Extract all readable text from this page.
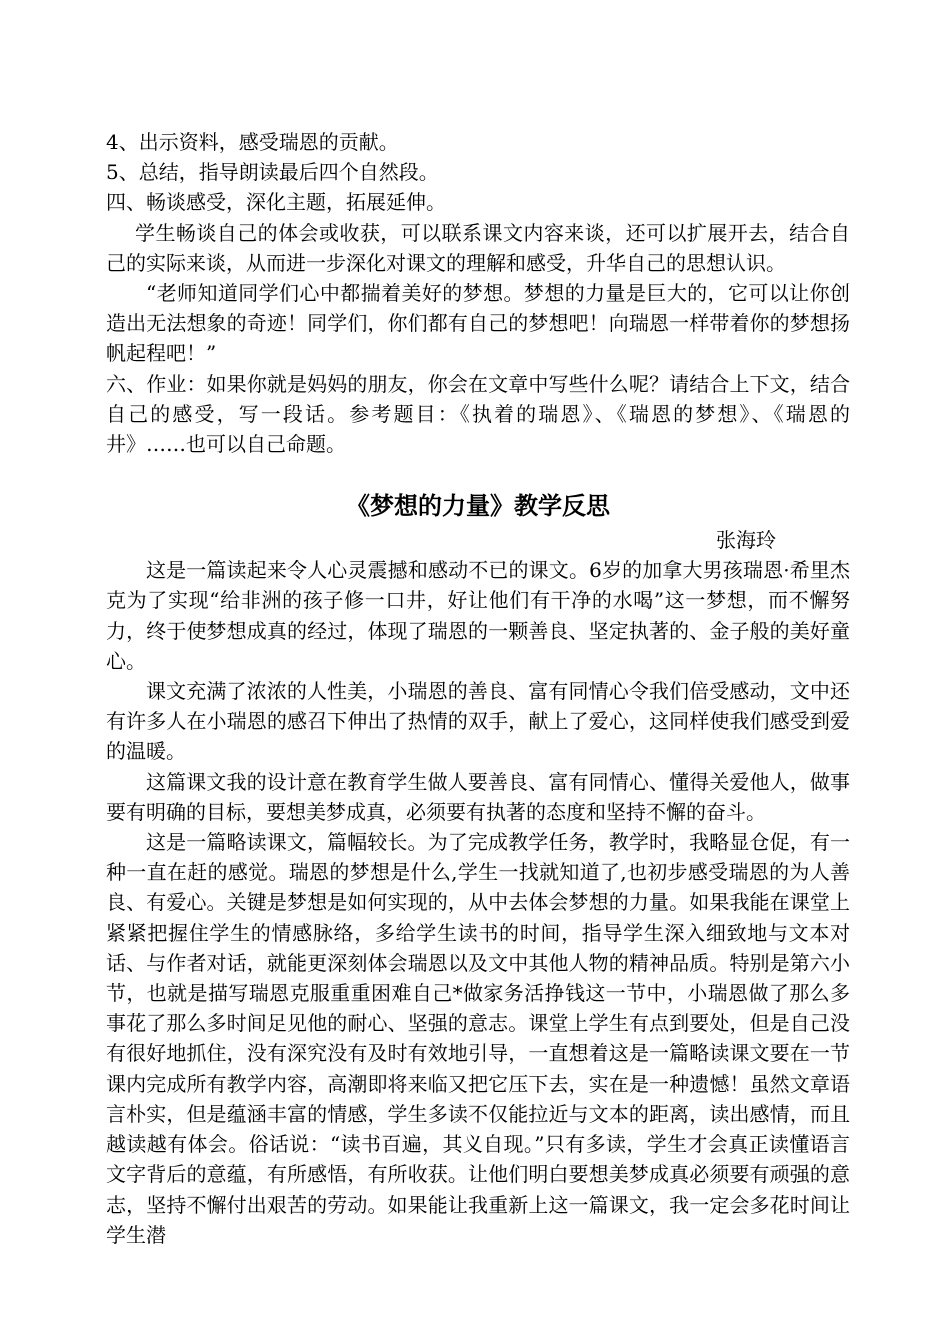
4、出示资料，感受瑞恩的贡献。

5、总结，指导朗读最后四个自然段。

四、畅谈感受，深化主题，拓展延伸。

学生畅谈自己的体会或收获，可以联系课文内容来谈，还可以扩展开去，结合自己的实际来谈，从而进一步深化对课文的理解和感受，升华自己的思想认识。

“老师知道同学们心中都揣着美好的梦想。梦想的力量是巨大的，它可以让你创造出无法想象的奇迹！同学们，你们都有自己的梦想吧！向瑞恩一样带着你的梦想扬帆起程吧！”

六、作业：如果你就是妈妈的朋友，你会在文章中写些什么呢？请结合上下文，结合自己的感受，写一段话。参考题目：《执着的瑞恩》、《瑞恩的梦想》、《瑞恩的井》……也可以自己命题。

《梦想的力量》教学反思

张海玲

这是一篇读起来令人心灵震撼和感动不已的课文。6岁的加拿大男孩瑞恩·希里杰克为了实现“给非洲的孩子修一口井，好让他们有干净的水喝”这一梦想，而不懈努力，终于使梦想成真的经过，体现了瑞恩的一颗善良、坚定执著的、金子般的美好童心。

课文充满了浓浓的人性美，小瑞恩的善良、富有同情心令我们倍受感动，文中还有许多人在小瑞恩的感召下伸出了热情的双手，献上了爱心，这同样使我们感受到爱的温暖。

这篇课文我的设计意在教育学生做人要善良、富有同情心、懂得关爱他人，做事要有明确的目标，要想美梦成真，必须要有执著的态度和坚持不懈的奋斗。

这是一篇略读课文，篇幅较长。为了完成教学任务，教学时，我略显仓促，有一种一直在赶的感觉。瑞恩的梦想是什么,学生一找就知道了,也初步感受瑞恩的为人善良、有爱心。关键是梦想是如何实现的，从中去体会梦想的力量。如果我能在课堂上紧紧把握住学生的情感脉络，多给学生读书的时间，指导学生深入细致地与文本对话、与作者对话，就能更深刻体会瑞恩以及文中其他人物的精神品质。特别是第六小节，也就是描写瑞恩克服重重困难自己*做家务活挣钱这一节中，小瑞恩做了那么多事花了那么多时间足见他的耐心、坚强的意志。课堂上学生有点到要处，但是自己没有很好地抓住，没有深究没有及时有效地引导，一直想着这是一篇略读课文要在一节课内完成所有教学内容，高潮即将来临又把它压下去，实在是一种遗憾！虽然文章语言朴实，但是蕴涵丰富的情感，学生多读不仅能拉近与文本的距离，读出感情，而且越读越有体会。俗话说：“读书百遍，其义自现。”只有多读，学生才会真正读懂语言文字背后的意蕴，有所感悟，有所收获。让他们明白要想美梦成真必须要有顽强的意志，坚持不懈付出艰苦的劳动。如果能让我重新上这一篇课文，我一定会多花时间让学生潜
